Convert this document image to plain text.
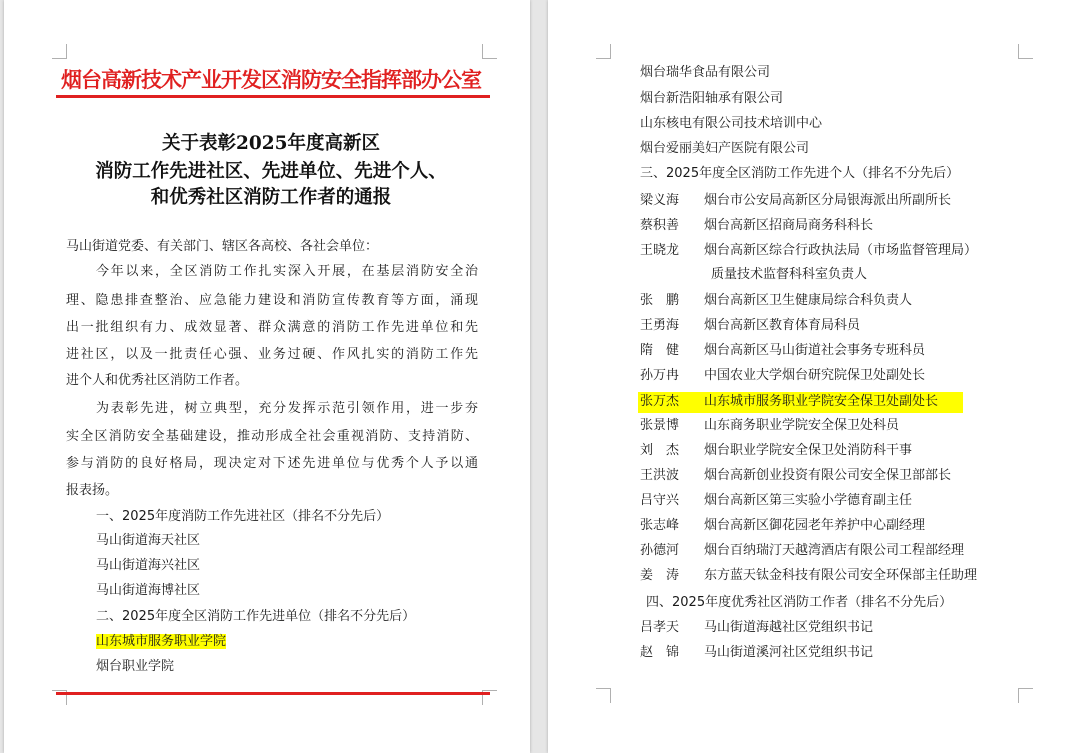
烟台高新技术产业开发区消防安全指挥部办公室
关于表彰2025年度高新区
消防工作先进社区、先进单位、先进个人、
和优秀社区消防工作者的通报
马山街道党委、有关部门、辖区各高校、各社会单位：
今年以来，全区消防工作扎实深入开展，在基层消防安全治
理、隐患排查整治、应急能力建设和消防宣传教育等方面，涌现
出一批组织有力、成效显著、群众满意的消防工作先进单位和先
进社区，以及一批责任心强、业务过硬、作风扎实的消防工作先
进个人和优秀社区消防工作者。
为表彰先进，树立典型，充分发挥示范引领作用，进一步夯
实全区消防安全基础建设，推动形成全社会重视消防、支持消防、
参与消防的良好格局，现决定对下述先进单位与优秀个人予以通
报表扬。
一、2025年度消防工作先进社区（排名不分先后）
马山街道海天社区
马山街道海兴社区
马山街道海博社区
二、2025年度全区消防工作先进单位（排名不分先后）
山东城市服务职业学院
烟台职业学院
烟台瑞华食品有限公司
烟台新浩阳轴承有限公司
山东核电有限公司技术培训中心
烟台爱丽美妇产医院有限公司
三、2025年度全区消防工作先进个人（排名不分先后）
梁义海 烟台市公安局高新区分局银海派出所副所长
蔡积善 烟台高新区招商局商务科科长
王晓龙 烟台高新区综合行政执法局（市场监督管理局）
质量技术监督科科室负责人
张　鹏 烟台高新区卫生健康局综合科负责人
王勇海 烟台高新区教育体育局科员
隋　健 烟台高新区马山街道社会事务专班科员
孙万冉 中国农业大学烟台研究院保卫处副处长
张万杰 山东城市服务职业学院安全保卫处副处长
张景博 山东商务职业学院安全保卫处科员
刘　杰 烟台职业学院安全保卫处消防科干事
王洪波 烟台高新创业投资有限公司安全保卫部部长
吕守兴 烟台高新区第三实验小学德育副主任
张志峰 烟台高新区御花园老年养护中心副经理
孙德河 烟台百纳瑞汀天越湾酒店有限公司工程部经理
姜　涛 东方蓝天钛金科技有限公司安全环保部主任助理
四、2025年度优秀社区消防工作者（排名不分先后）
吕孝天 马山街道海越社区党组织书记
赵　锦 马山街道溪河社区党组织书记
